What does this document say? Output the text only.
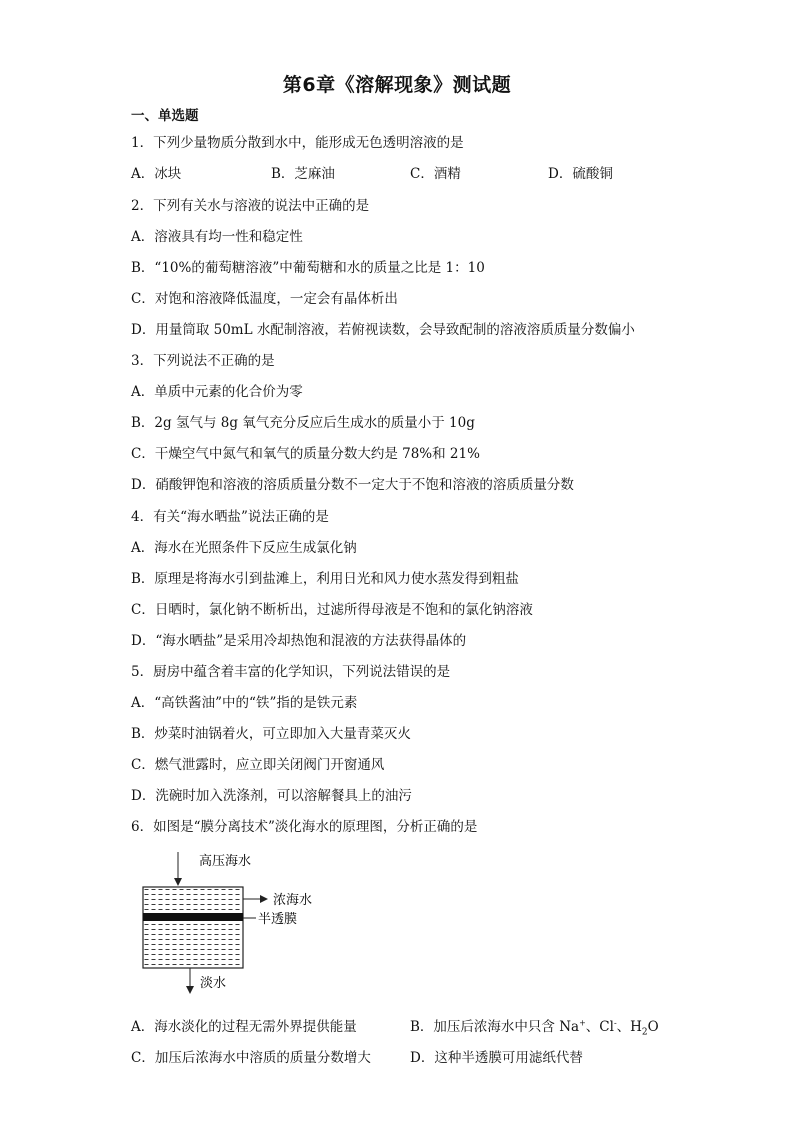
第6章《溶解现象》测试题
一、单选题
1．下列少量物质分散到水中，能形成无色透明溶液的是
A．冰块	B．芝麻油	C．酒精	D．硫酸铜
2．下列有关水与溶液的说法中正确的是
A．溶液具有均一性和稳定性
B．“10%的葡萄糖溶液”中葡萄糖和水的质量之比是 1：10
C．对饱和溶液降低温度，一定会有晶体析出
D．用量筒取 50mL 水配制溶液，若俯视读数，会导致配制的溶液溶质质量分数偏小
3．下列说法不正确的是
A．单质中元素的化合价为零
B．2g 氢气与 8g 氧气充分反应后生成水的质量小于 10g
C．干燥空气中氮气和氧气的质量分数大约是 78%和 21%
D．硝酸钾饱和溶液的溶质质量分数不一定大于不饱和溶液的溶质质量分数
4．有关“海水晒盐”说法正确的是
A．海水在光照条件下反应生成氯化钠
B．原理是将海水引到盐滩上，利用日光和风力使水蒸发得到粗盐
C．日晒时，氯化钠不断析出，过滤所得母液是不饱和的氯化钠溶液
D．“海水晒盐”是采用冷却热饱和混液的方法获得晶体的
5．厨房中蕴含着丰富的化学知识，下列说法错误的是
A．“高铁酱油”中的“铁”指的是铁元素
B．炒菜时油锅着火，可立即加入大量青菜灭火
C．燃气泄露时，应立即关闭阀门开窗通风
D．洗碗时加入洗涤剂，可以溶解餐具上的油污
6．如图是“膜分离技术”淡化海水的原理图，分析正确的是
高压海水
浓海水
半透膜
淡水
A．海水淡化的过程无需外界提供能量	B．加压后浓海水中只含 Na+、Cl-、$H_2O$
C．加压后浓海水中溶质的质量分数增大	D．这种半透膜可用滤纸代替
